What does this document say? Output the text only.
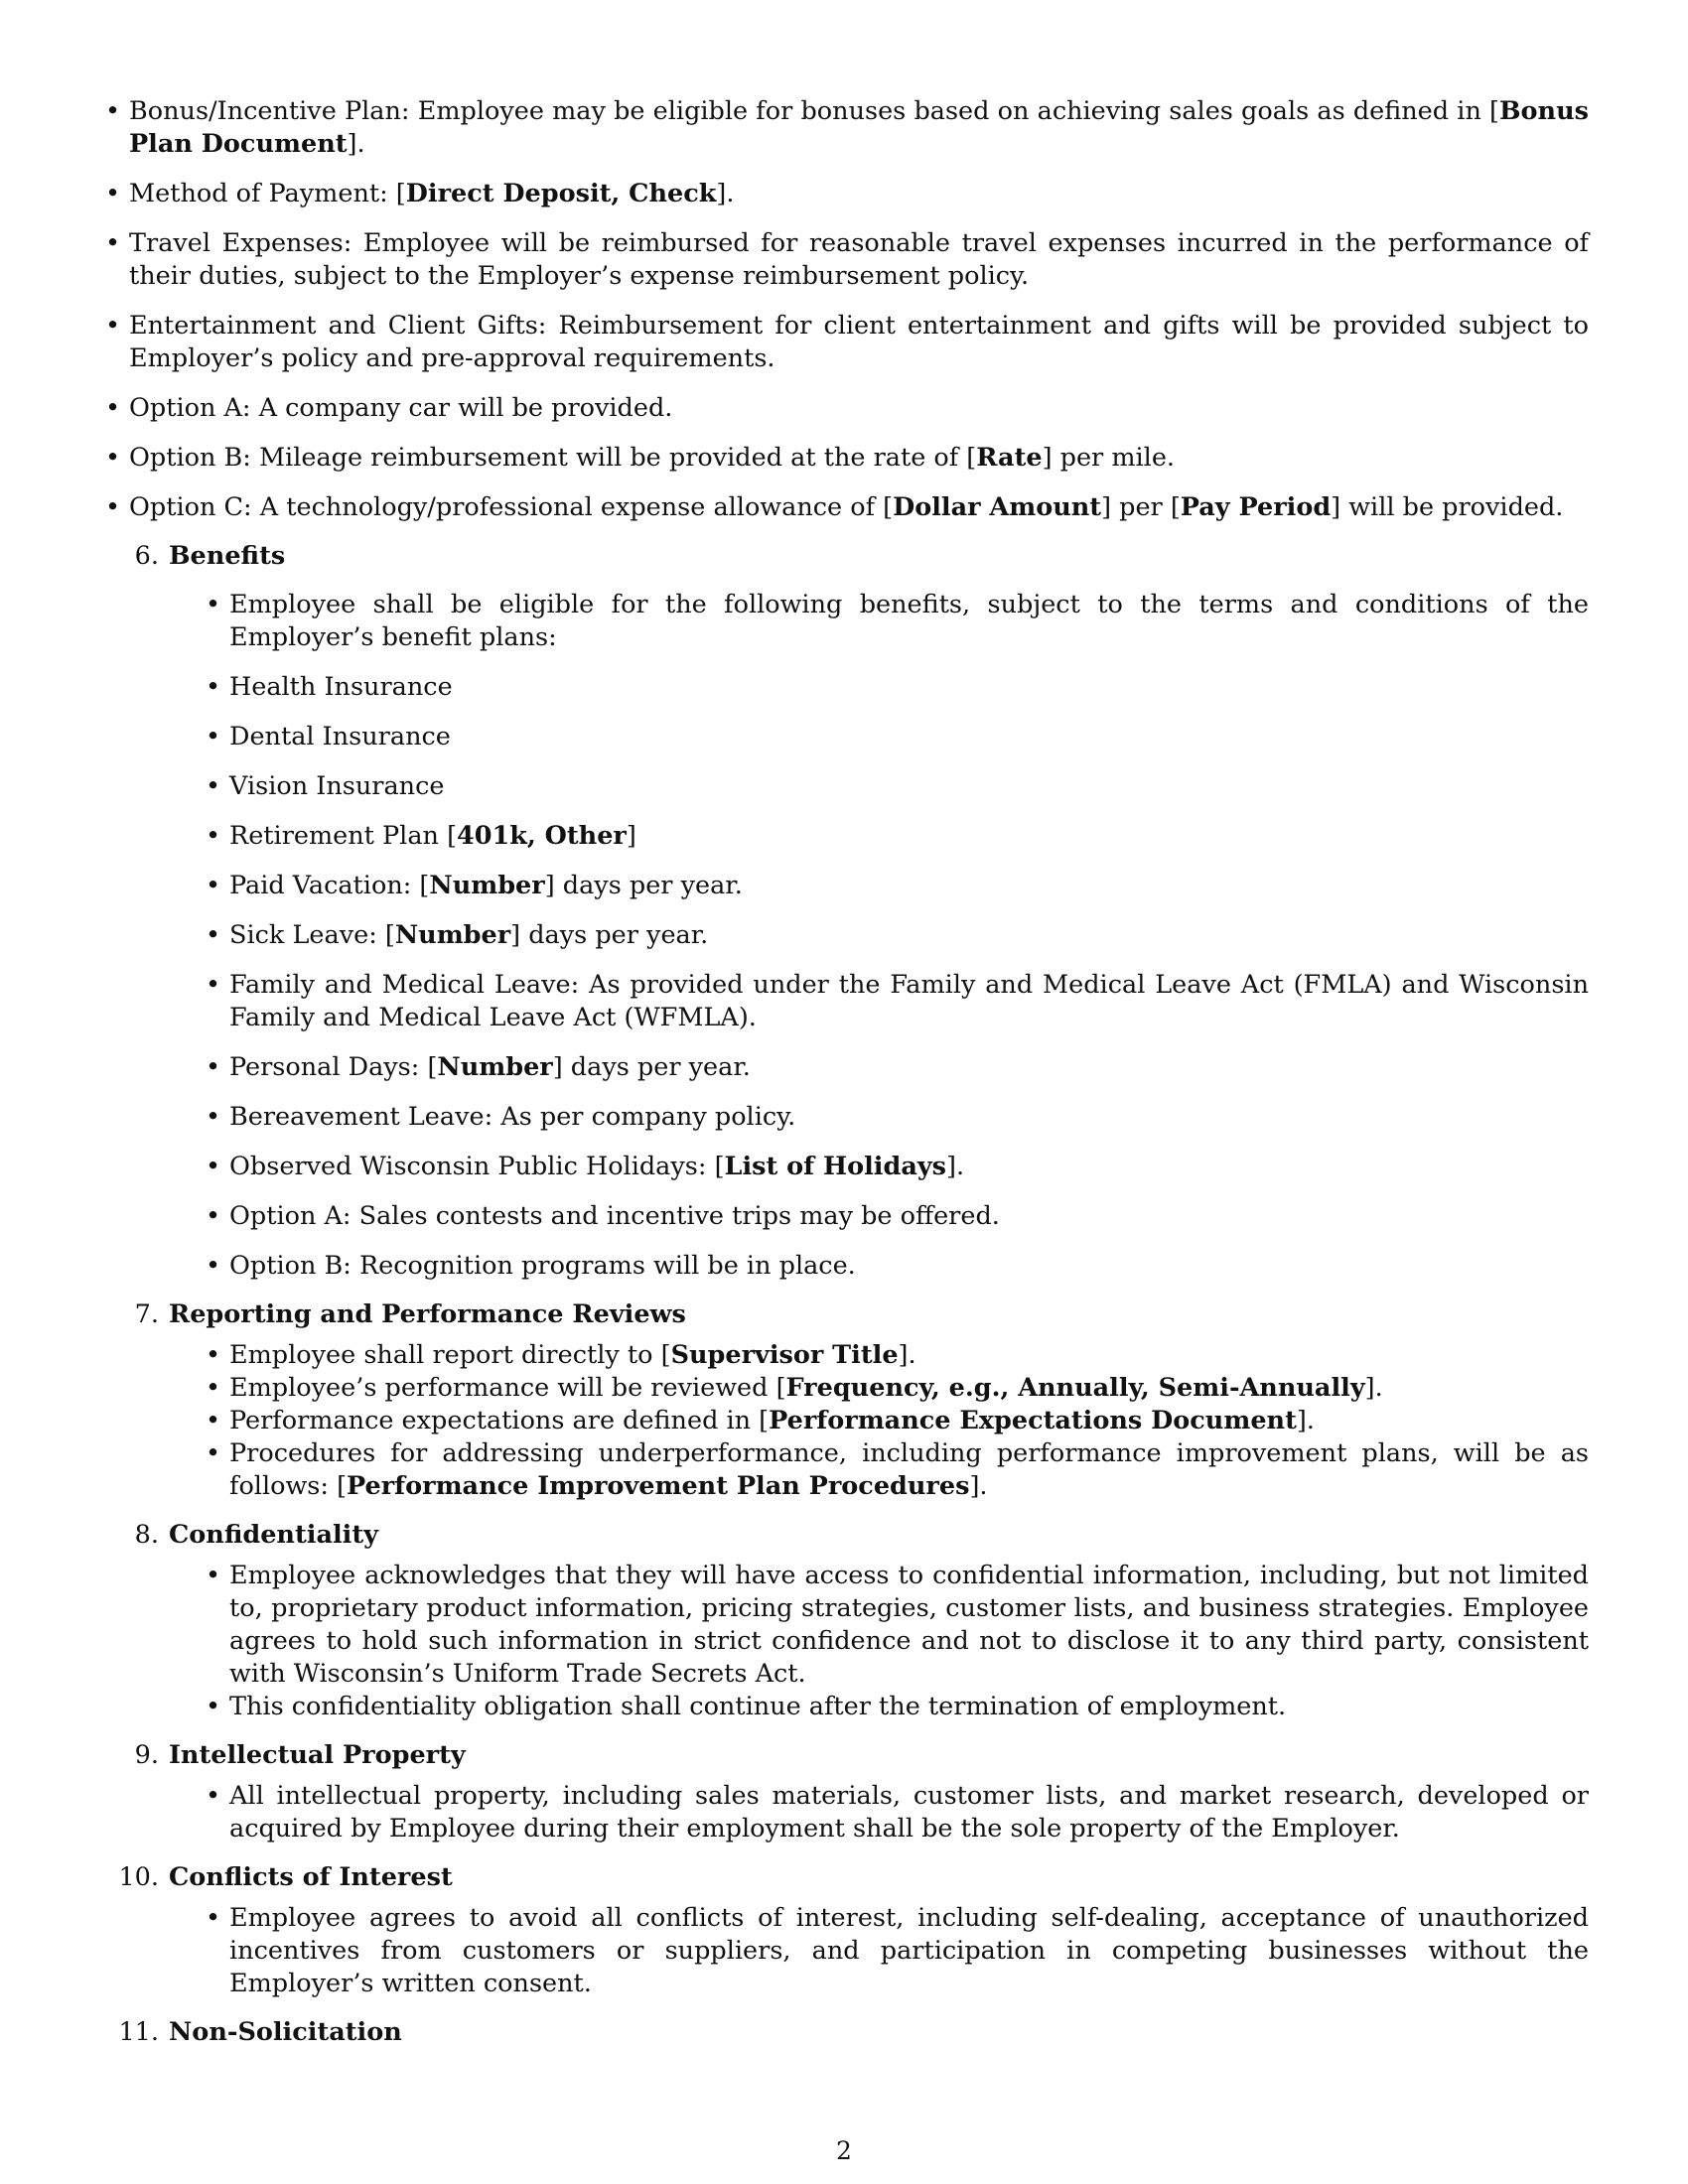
• Bonus/Incentive Plan: Employee may be eligible for bonuses based on achieving sales goals as defined in [Bonus Plan Document].

• Method of Payment: [Direct Deposit, Check].

• Travel Expenses: Employee will be reimbursed for reasonable travel expenses incurred in the performance of their duties, subject to the Employer’s expense reimbursement policy.

• Entertainment and Client Gifts: Reimbursement for client entertainment and gifts will be provided subject to Employer’s policy and pre-approval requirements.

• Option A: A company car will be provided.

• Option B: Mileage reimbursement will be provided at the rate of [Rate] per mile.

• Option C: A technology/professional expense allowance of [Dollar Amount] per [Pay Period] will be provided.

6. Benefits

• Employee shall be eligible for the following benefits, subject to the terms and conditions of the Employer’s benefit plans:

• Health Insurance

• Dental Insurance

• Vision Insurance

• Retirement Plan [401k, Other]

• Paid Vacation: [Number] days per year.

• Sick Leave: [Number] days per year.

• Family and Medical Leave: As provided under the Family and Medical Leave Act (FMLA) and Wisconsin Family and Medical Leave Act (WFMLA).

• Personal Days: [Number] days per year.

• Bereavement Leave: As per company policy.

• Observed Wisconsin Public Holidays: [List of Holidays].

• Option A: Sales contests and incentive trips may be offered.

• Option B: Recognition programs will be in place.

7. Reporting and Performance Reviews

• Employee shall report directly to [Supervisor Title].

• Employee’s performance will be reviewed [Frequency, e.g., Annually, Semi-Annually].

• Performance expectations are defined in [Performance Expectations Document].

• Procedures for addressing underperformance, including performance improvement plans, will be as follows: [Performance Improvement Plan Procedures].

8. Confidentiality

• Employee acknowledges that they will have access to confidential information, including, but not limited to, proprietary product information, pricing strategies, customer lists, and business strategies. Employee agrees to hold such information in strict confidence and not to disclose it to any third party, consistent with Wisconsin’s Uniform Trade Secrets Act.

• This confidentiality obligation shall continue after the termination of employment.

9. Intellectual Property

• All intellectual property, including sales materials, customer lists, and market research, developed or acquired by Employee during their employment shall be the sole property of the Employer.

10. Conflicts of Interest

• Employee agrees to avoid all conflicts of interest, including self-dealing, acceptance of unauthorized incentives from customers or suppliers, and participation in competing businesses without the Employer’s written consent.

11. Non-Solicitation
2
